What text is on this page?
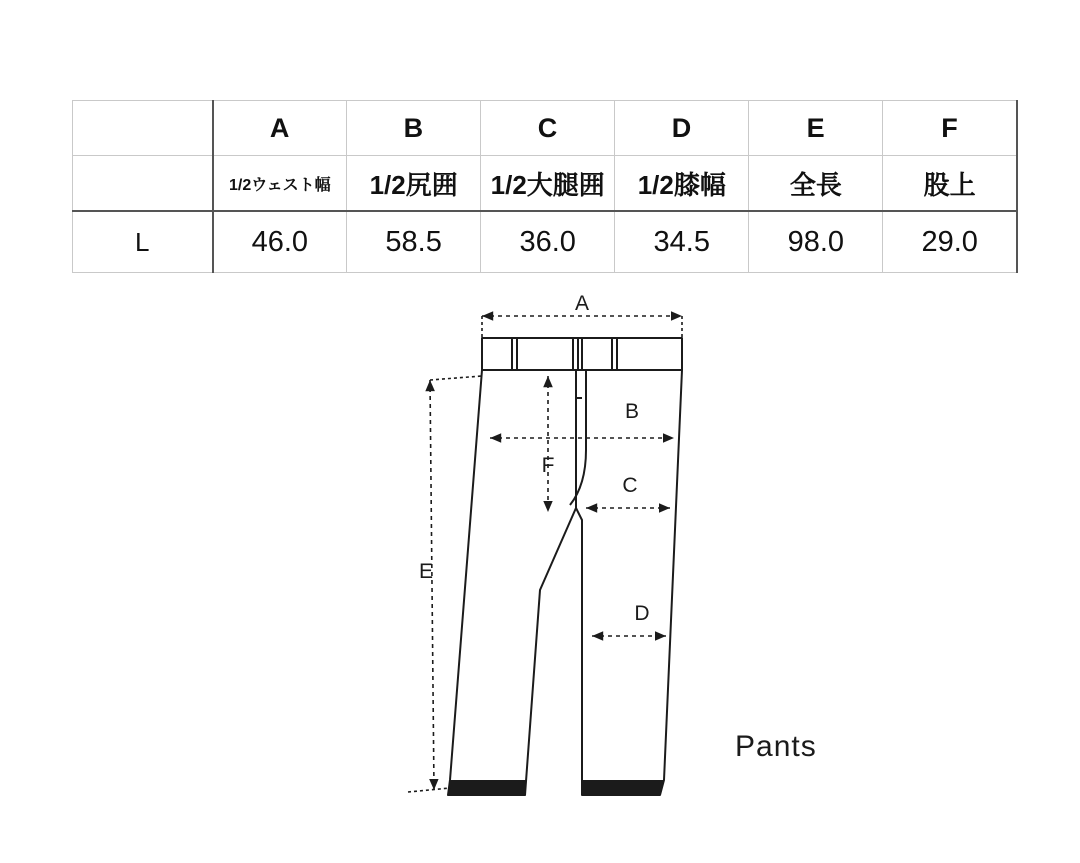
	A	B	C	D	E	F
	1/2ウェスト幅	1/2尻囲	1/2大腿囲	1/2膝幅	全長	股上
L	46.0	58.5	36.0	34.5	98.0	29.0
A
B
C
D
E
F
Pants
